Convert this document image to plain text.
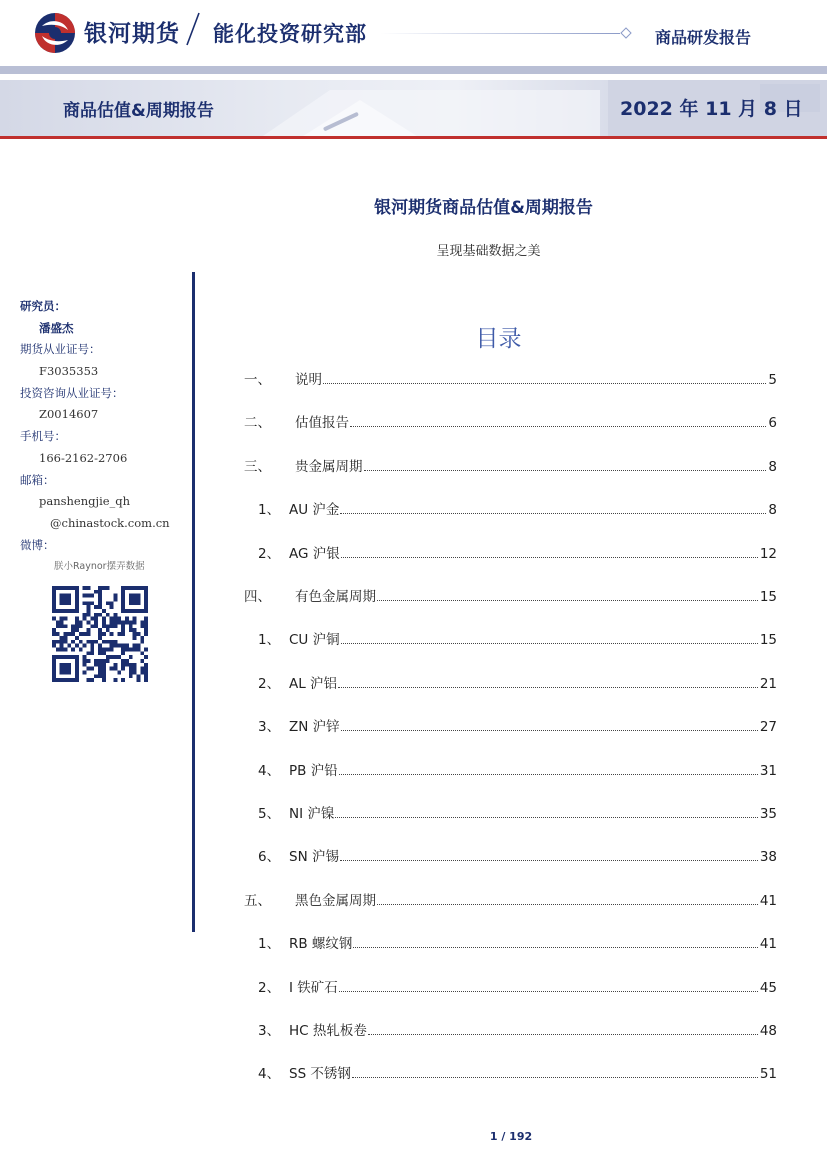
银河期货 能化投资研究部	商品研发报告
商品估值&周期报告	2022 年 11 月 8 日
银河期货商品估值&周期报告
呈现基础数据之美
研究员：
潘盛杰
期货从业证号：
F3035353
投资咨询从业证号：
Z0014607
手机号：
166-2162-2706
邮箱：
panshengjie_qh
@chinastock.com.cn
微博：
朕小Raynor摆弄数据
目录
一、	说明	5
二、	估值报告	6
三、	贵金属周期	8
1、 AU 沪金	8
2、 AG 沪银	12
四、	有色金属周期	15
1、 CU 沪铜	15
2、 AL 沪铝	21
3、 ZN 沪锌	27
4、 PB 沪铅	31
5、 NI 沪镍	35
6、 SN 沪锡	38
五、	黑色金属周期	41
1、 RB 螺纹钢	41
2、 I 铁矿石	45
3、 HC 热轧板卷	48
4、 SS 不锈钢	51
1 / 192
